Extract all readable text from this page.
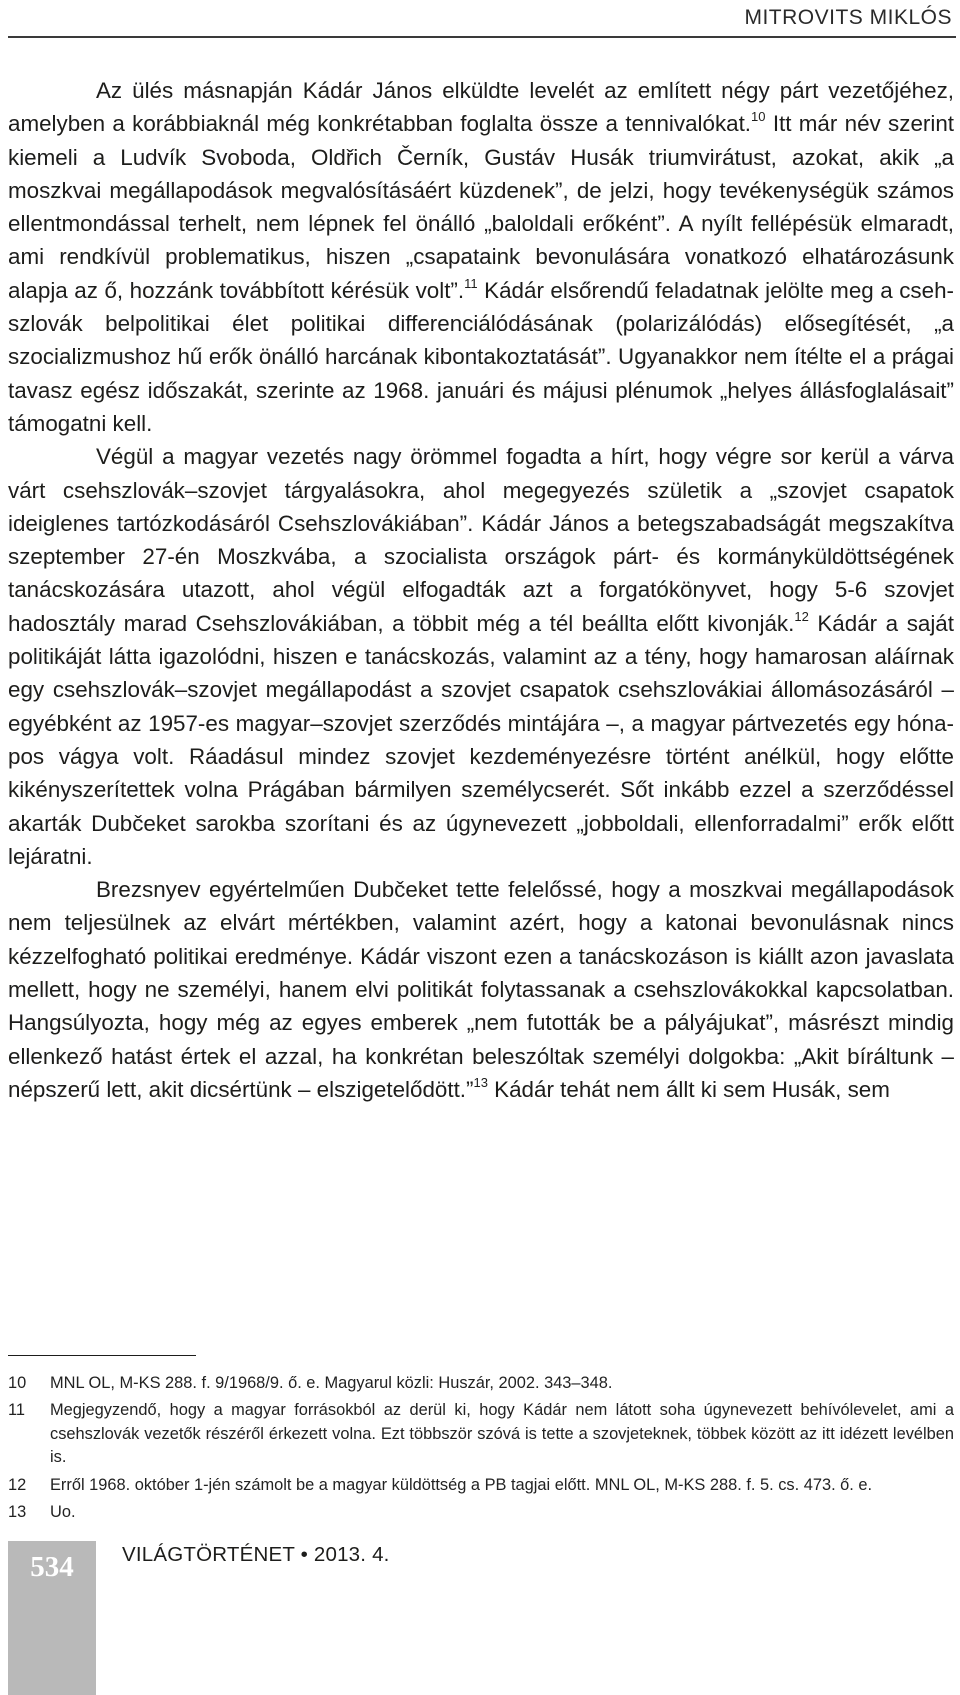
MITROVITS MIKLÓS

Az ülés másnapján Kádár János elküldte levelét az említett négy párt vezetőjéhez, amelyben a korábbiaknál még konkrétabban foglalta össze a tennivalókat.$^{10}$ Itt már név szerint kiemeli a Ludvík Svoboda, Oldřich Černík, Gustáv Husák triumvirátust, azokat, akik „a moszkvai megállapodások megvalósításáért küzdenek”, de jelzi, hogy tevékenységük számos ellentmondással terhelt, nem lépnek fel önálló „baloldali erőként”. A nyílt fellépésük elmaradt, ami rendkívül problematikus, hiszen „csapataink bevonulására vonatkozó elhatározásunk alapja az ő, hozzánk továbbított kérésük volt”.$^{11}$ Kádár elsőrendű feladatnak jelölte meg a csehszlovák belpolitikai élet politikai differenciálódásának (polarizálódás) elősegítését, „a szocializmushoz hű erők önálló harcának kibontakoztatását”. Ugyanakkor nem ítélte el a prágai tavasz egész időszakát, szerinte az 1968. januári és májusi plénumok „helyes állásfoglalásait” támogatni kell.

Végül a magyar vezetés nagy örömmel fogadta a hírt, hogy végre sor kerül a várva várt csehszlovák–szovjet tárgyalásokra, ahol megegyezés születik a „szovjet csapatok ideiglenes tartózkodásáról Csehszlovákiában”. Kádár János a betegszabadságát megszakítva szeptember 27-én Moszkvába, a szocialista országok párt- és kormányküldöttségének tanácskozására utazott, ahol végül elfogadták azt a forgatókönyvet, hogy 5-6 szovjet hadosztály marad Csehszlovákiában, a többit még a tél beállta előtt kivonják.$^{12}$ Kádár a saját politikáját látta igazolódni, hiszen e tanácskozás, valamint az a tény, hogy hamarosan aláírnak egy csehszlovák–szovjet megállapodást a szovjet csapatok csehszlovákiai állomásozásáról – egyébként az 1957-es magyar–szovjet szerződés mintájára –, a magyar pártvezetés egy hónapos vágya volt. Ráadásul mindez szovjet kezdeményezésre történt anélkül, hogy előtte kikényszerítettek volna Prágában bármilyen személycserét. Sőt inkább ezzel a szerződéssel akarták Dubčeket sarokba szorítani és az úgynevezett „jobboldali, ellenforradalmi” erők előtt lejáratni.

Brezsnyev egyértelműen Dubčeket tette felelőssé, hogy a moszkvai megállapodások nem teljesülnek az elvárt mértékben, valamint azért, hogy a katonai bevonulásnak nincs kézzelfogható politikai eredménye. Kádár viszont ezen a tanácskozáson is kiállt azon javaslata mellett, hogy ne személyi, hanem elvi politikát folytassanak a csehszlovákokkal kapcsolatban. Hangsúlyozta, hogy még az egyes emberek „nem futották be a pályájukat”, másrészt mindig ellenkező hatást értek el azzal, ha konkrétan beleszóltak személyi dolgokba: „Akit bíráltunk – népszerű lett, akit dicsértünk – elszigetelődött.”$^{13}$ Kádár tehát nem állt ki sem Husák, sem

10 MNL OL, M-KS 288. f. 9/1968/9. ő. e. Magyarul közli: Huszár, 2002. 343–348.
11 Megjegyzendő, hogy a magyar forrásokból az derül ki, hogy Kádár nem látott soha úgynevezett behívólevelet, ami a csehszlovák vezetők részéről érkezett volna. Ezt többször szóvá is tette a szovjeteknek, többek között az itt idézett levélben is.
12 Erről 1968. október 1-jén számolt be a magyar küldöttség a PB tagjai előtt. MNL OL, M-KS 288. f. 5. cs. 473. ő. e.
13 Uo.
534	VILÁGTÖRTÉNET • 2013. 4.
